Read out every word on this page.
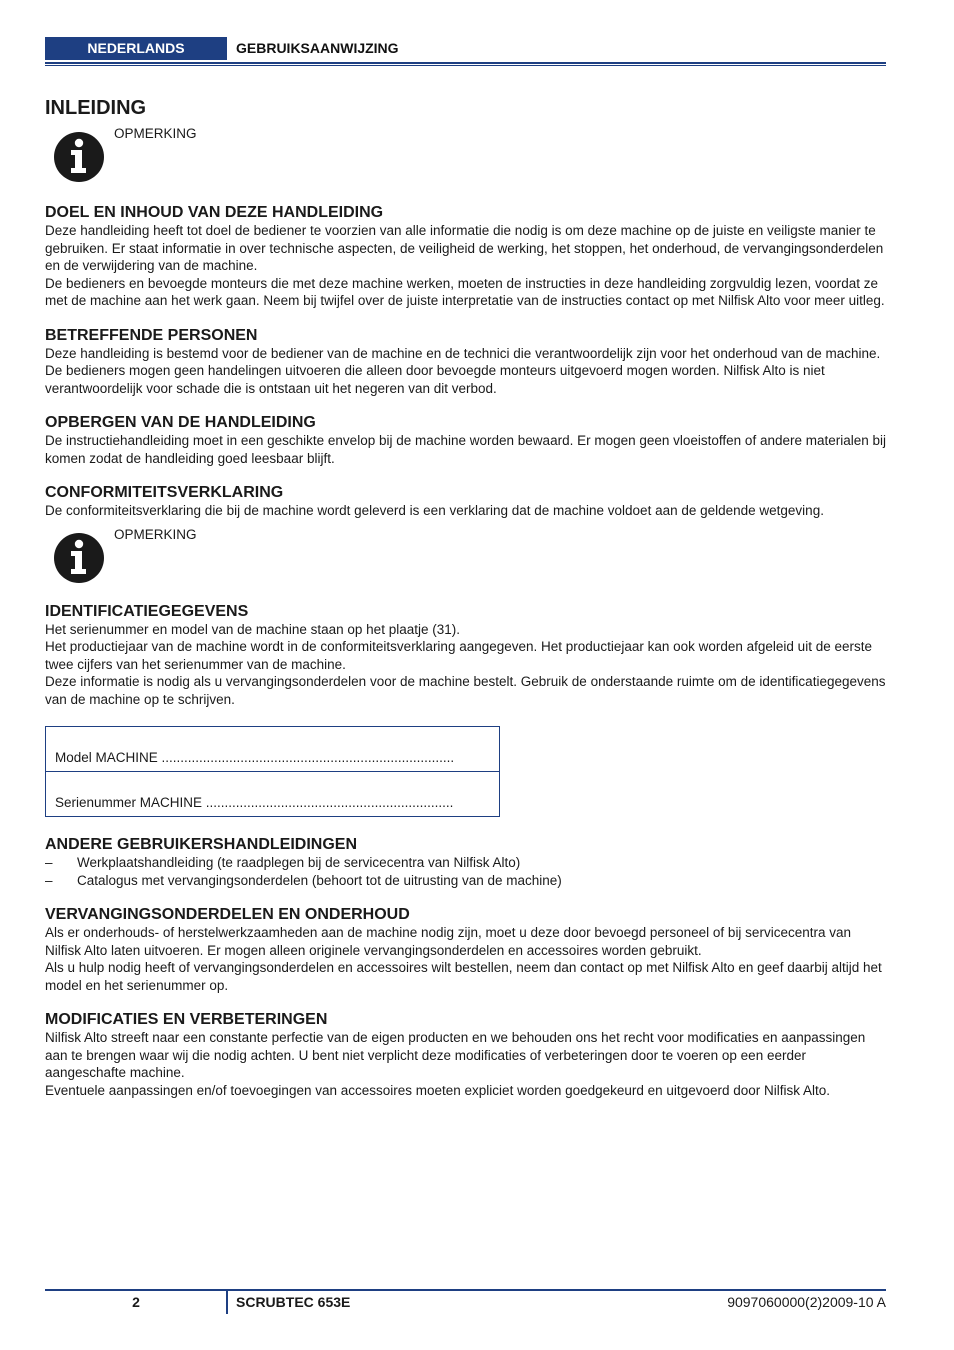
NEDERLANDS	GEBRUIKSAANWIJZING
INLEIDING
OPMERKING
DOEL EN INHOUD VAN DEZE HANDLEIDING

Deze handleiding heeft tot doel de bediener te voorzien van alle informatie die nodig is om deze machine op de juiste en veiligste manier te gebruiken. Er staat informatie in over technische aspecten, de veiligheid de werking, het stoppen, het onderhoud, de vervangingsonderdelen en de verwijdering van de machine.

De bedieners en bevoegde monteurs die met deze machine werken, moeten de instructies in deze handleiding zorgvuldig lezen, voordat ze met de machine aan het werk gaan. Neem bij twijfel over de juiste interpretatie van de instructies contact op met Nilfisk Alto voor meer uitleg.

BETREFFENDE PERSONEN

Deze handleiding is bestemd voor de bediener van de machine en de technici die verantwoordelijk zijn voor het onderhoud van de machine.

De bedieners mogen geen handelingen uitvoeren die alleen door bevoegde monteurs uitgevoerd mogen worden. Nilfisk Alto is niet verantwoordelijk voor schade die is ontstaan uit het negeren van dit verbod.

OPBERGEN VAN DE HANDLEIDING

De instructiehandleiding moet in een geschikte envelop bij de machine worden bewaard. Er mogen geen vloeistoffen of andere materialen bij komen zodat de handleiding goed leesbaar blijft.

CONFORMITEITSVERKLARING

De conformiteitsverklaring die bij de machine wordt geleverd is een verklaring dat de machine voldoet aan de geldende wetgeving.

OPMERKING
IDENTIFICATIEGEGEVENS

Het serienummer en model van de machine staan op het plaatje (31).

Het productiejaar van de machine wordt in de conformiteitsverklaring aangegeven. Het productiejaar kan ook worden afgeleid uit de eerste twee cijfers van het serienummer van de machine.

Deze informatie is nodig als u vervangingsonderdelen voor de machine bestelt. Gebruik de onderstaande ruimte om de identificatiegegevens van de machine op te schrijven.

Model MACHINE ..............................................................................
Serienummer MACHINE ..................................................................
ANDERE GEBRUIKERSHANDLEIDINGEN
– Werkplaatshandleiding (te raadplegen bij de servicecentra van Nilfisk Alto)
– Catalogus met vervangingsonderdelen (behoort tot de uitrusting van de machine)
VERVANGINGSONDERDELEN EN ONDERHOUD

Als er onderhouds- of herstelwerkzaamheden aan de machine nodig zijn, moet u deze door bevoegd personeel of bij servicecentra van Nilfisk Alto laten uitvoeren. Er mogen alleen originele vervangingsonderdelen en accessoires worden gebruikt.

Als u hulp nodig heeft of vervangingsonderdelen en accessoires wilt bestellen, neem dan contact op met Nilfisk Alto en geef daarbij altijd het model en het serienummer op.

MODIFICATIES EN VERBETERINGEN

Nilfisk Alto streeft naar een constante perfectie van de eigen producten en we behouden ons het recht voor modificaties en aanpassingen aan te brengen waar wij die nodig achten. U bent niet verplicht deze modificaties of verbeteringen door te voeren op een eerder aangeschafte machine.

Eventuele aanpassingen en/of toevoegingen van accessoires moeten expliciet worden goedgekeurd en uitgevoerd door Nilfisk Alto.

2	SCRUBTEC 653E	9097060000(2)2009-10 A
